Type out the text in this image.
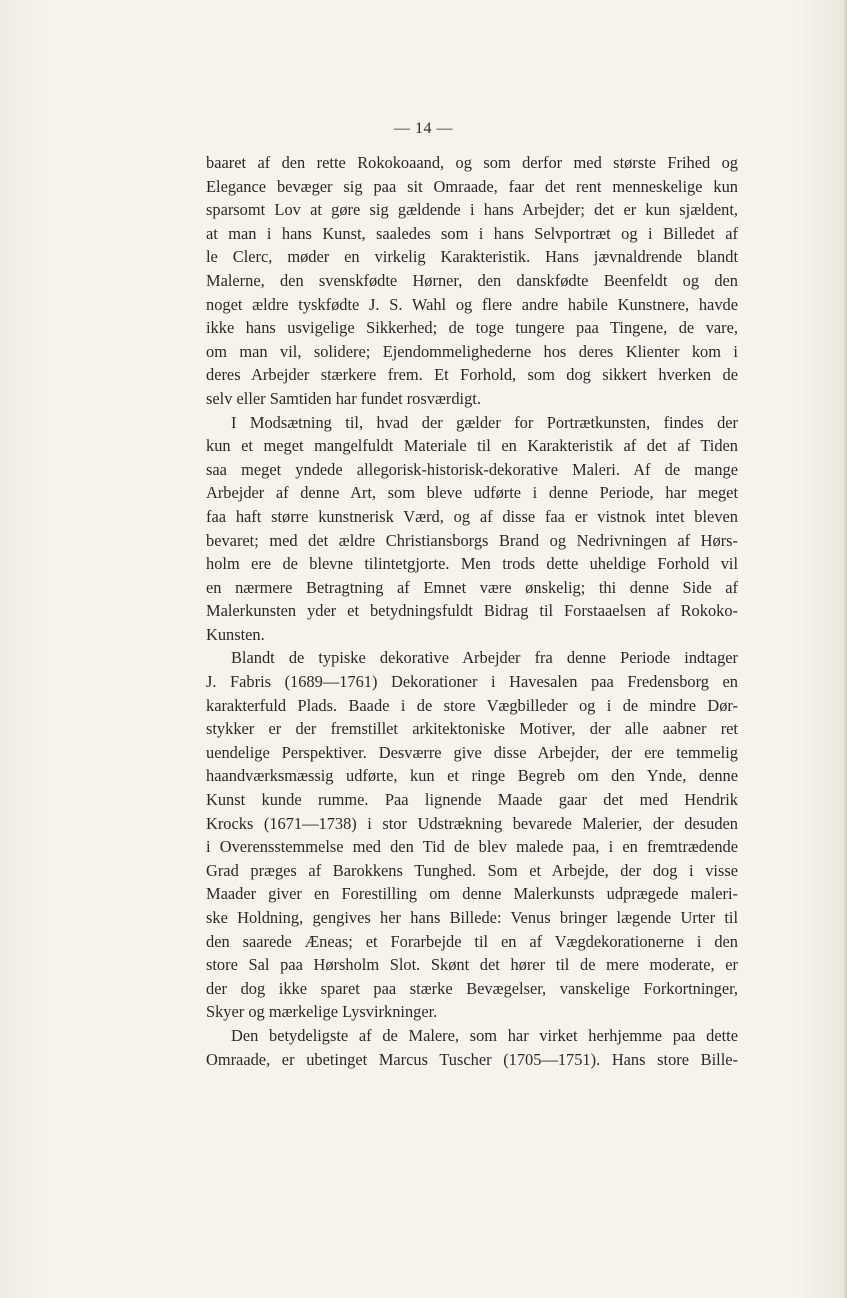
— 14 —
baaret af den rette Rokokoaand, og som derfor med største Frihed og
Elegance bevæger sig paa sit Omraade, faar det rent menneskelige kun
sparsomt Lov at gøre sig gældende i hans Arbejder; det er kun sjældent,
at man i hans Kunst, saaledes som i hans Selvportræt og i Billedet af
le Clerc, møder en virkelig Karakteristik. Hans jævnaldrende blandt
Malerne, den svenskfødte Hørner, den danskfødte Beenfeldt og den
noget ældre tyskfødte J. S. Wahl og flere andre habile Kunstnere, havde
ikke hans usvigelige Sikkerhed; de toge tungere paa Tingene, de vare,
om man vil, solidere; Ejendommelighederne hos deres Klienter kom i
deres Arbejder stærkere frem. Et Forhold, som dog sikkert hverken de
selv eller Samtiden har fundet rosværdigt.
I Modsætning til, hvad der gælder for Portrætkunsten, findes der
kun et meget mangelfuldt Materiale til en Karakteristik af det af Tiden
saa meget yndede allegorisk-historisk-dekorative Maleri. Af de mange
Arbejder af denne Art, som bleve udførte i denne Periode, har meget
faa haft større kunstnerisk Værd, og af disse faa er vistnok intet bleven
bevaret; med det ældre Christiansborgs Brand og Nedrivningen af Hørs-
holm ere de blevne tilintetgjorte. Men trods dette uheldige Forhold vil
en nærmere Betragtning af Emnet være ønskelig; thi denne Side af
Malerkunsten yder et betydningsfuldt Bidrag til Forstaaelsen af Rokoko-
Kunsten.
Blandt de typiske dekorative Arbejder fra denne Periode indtager
J. Fabris (1689—1761) Dekorationer i Havesalen paa Fredensborg en
karakterfuld Plads. Baade i de store Vægbilleder og i de mindre Dør-
stykker er der fremstillet arkitektoniske Motiver, der alle aabner ret
uendelige Perspektiver. Desværre give disse Arbejder, der ere temmelig
haandværksmæssig udførte, kun et ringe Begreb om den Ynde, denne
Kunst kunde rumme. Paa lignende Maade gaar det med Hendrik
Krocks (1671—1738) i stor Udstrækning bevarede Malerier, der desuden
i Overensstemmelse med den Tid de blev malede paa, i en fremtrædende
Grad præges af Barokkens Tunghed. Som et Arbejde, der dog i visse
Maader giver en Forestilling om denne Malerkunsts udprægede maleri-
ske Holdning, gengives her hans Billede: Venus bringer lægende Urter til
den saarede Æneas; et Forarbejde til en af Vægdekorationerne i den
store Sal paa Hørsholm Slot. Skønt det hører til de mere moderate, er
der dog ikke sparet paa stærke Bevægelser, vanskelige Forkortninger,
Skyer og mærkelige Lysvirkninger.
Den betydeligste af de Malere, som har virket herhjemme paa dette
Omraade, er ubetinget Marcus Tuscher (1705—1751). Hans store Bille-
